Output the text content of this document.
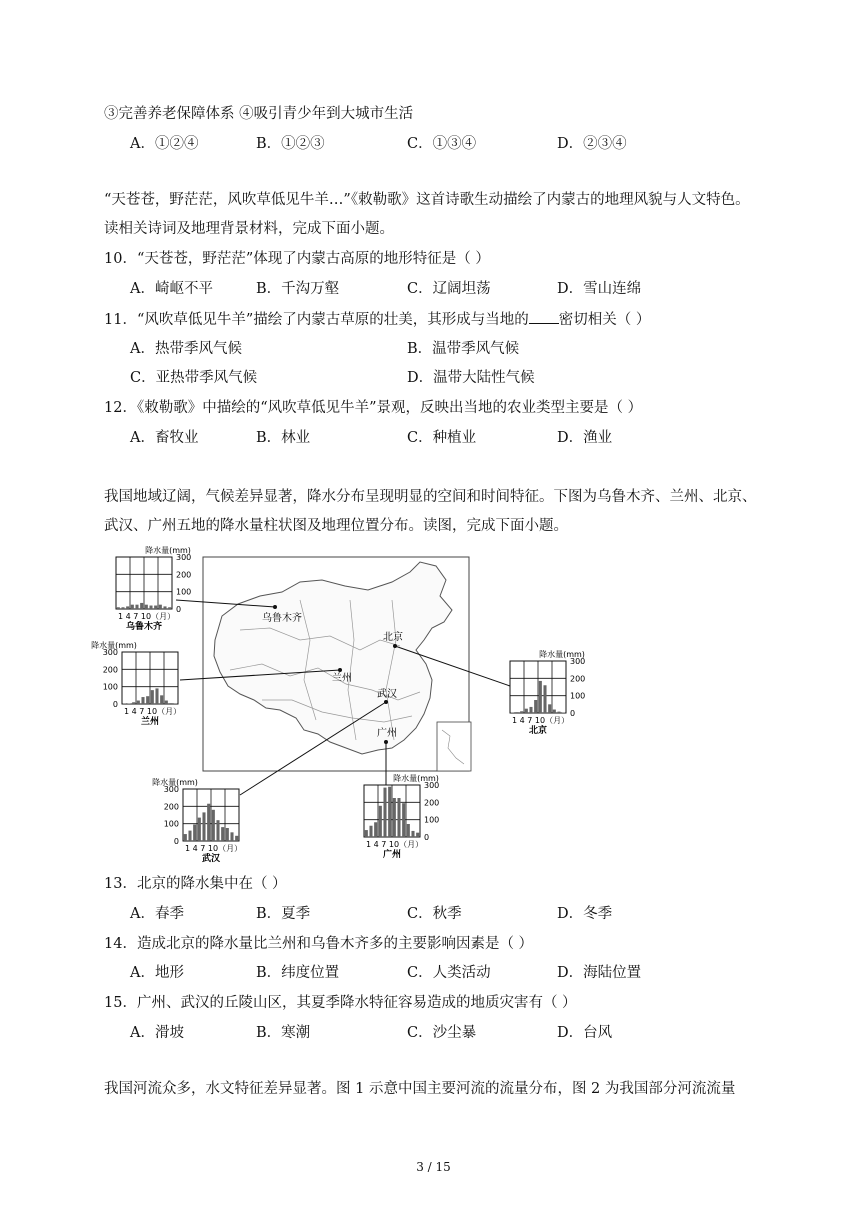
③完善养老保障体系 ④吸引青少年到大城市生活
A．①②④	B．①②③	C．①③④	D．②③④
“天苍苍，野茫茫，风吹草低见牛羊…”《敕勒歌》这首诗歌生动描绘了内蒙古的地理风貌与人文特色。读相关诗词及地理背景材料，完成下面小题。
10．“天苍苍，野茫茫”体现了内蒙古高原的地形特征是（ ）
A．崎岖不平	B．千沟万壑	C．辽阔坦荡	D．雪山连绵
11．“风吹草低见牛羊”描绘了内蒙古草原的壮美，其形成与当地的 密切相关（ ）
A．热带季风气候	B．温带季风气候
C．亚热带季风气候	D．温带大陆性气候
12．《敕勒歌》中描绘的“风吹草低见牛羊”景观，反映出当地的农业类型主要是（ ）
A．畜牧业	B．林业	C．种植业	D．渔业
我国地域辽阔，气候差异显著，降水分布呈现明显的空间和时间特征。下图为乌鲁木齐、兰州、北京、武汉、广州五地的降水量柱状图及地理位置分布。读图，完成下面小题。
乌鲁木齐
兰州
北京
武汉
广州
300
200
100
0
降水量(mm)
1 4 7 10（月）
乌鲁木齐
300
200
100
0
降水量(mm)
1 4 7 10（月）
兰州
300
200
100
0
降水量(mm)
1 4 7 10（月）
北京
300
200
100
0
降水量(mm)
1 4 7 10（月）
武汉
300
200
100
0
降水量(mm)
1 4 7 10（月）
广州
13．北京的降水集中在（ ）
A．春季	B．夏季	C．秋季	D．冬季
14．造成北京的降水量比兰州和乌鲁木齐多的主要影响因素是（ ）
A．地形	B．纬度位置	C．人类活动	D．海陆位置
15．广州、武汉的丘陵山区，其夏季降水特征容易造成的地质灾害有（ ）
A．滑坡	B．寒潮	C．沙尘暴	D．台风
我国河流众多，水文特征差异显著。图 1 示意中国主要河流的流量分布，图 2 为我国部分河流流量
3 / 15
